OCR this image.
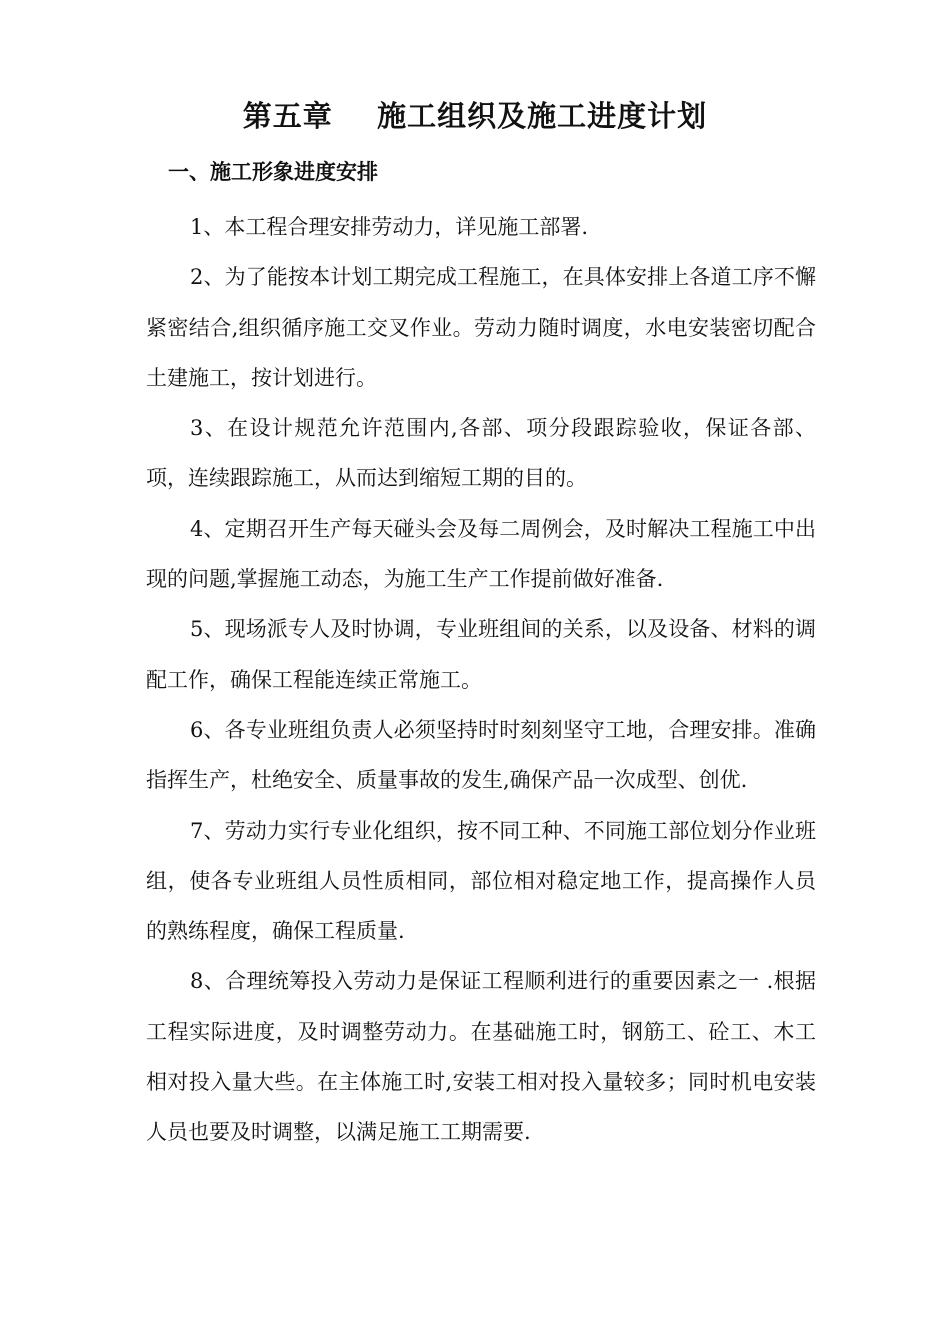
第五章    施工组织及施工进度计划
一、施工形象进度安排

1、本工程合理安排劳动力，详见施工部署.

2、为了能按本计划工期完成工程施工，在具体安排上各道工序不懈紧密结合,组织循序施工交叉作业。劳动力随时调度，水电安装密切配合土建施工，按计划进行。

3、在设计规范允许范围内,各部、项分段跟踪验收，保证各部、项，连续跟踪施工，从而达到缩短工期的目的。

4、定期召开生产每天碰头会及每二周例会，及时解决工程施工中出现的问题,掌握施工动态，为施工生产工作提前做好准备.

5、现场派专人及时协调，专业班组间的关系，以及设备、材料的调配工作，确保工程能连续正常施工。

6、各专业班组负责人必须坚持时时刻刻坚守工地，合理安排。准确指挥生产，杜绝安全、质量事故的发生,确保产品一次成型、创优.

7、劳动力实行专业化组织，按不同工种、不同施工部位划分作业班组，使各专业班组人员性质相同，部位相对稳定地工作，提高操作人员的熟练程度，确保工程质量.

8、合理统筹投入劳动力是保证工程顺利进行的重要因素之一 .根据工程实际进度，及时调整劳动力。在基础施工时，钢筋工、砼工、木工相对投入量大些。在主体施工时,安装工相对投入量较多；同时机电安装人员也要及时调整，以满足施工工期需要.
